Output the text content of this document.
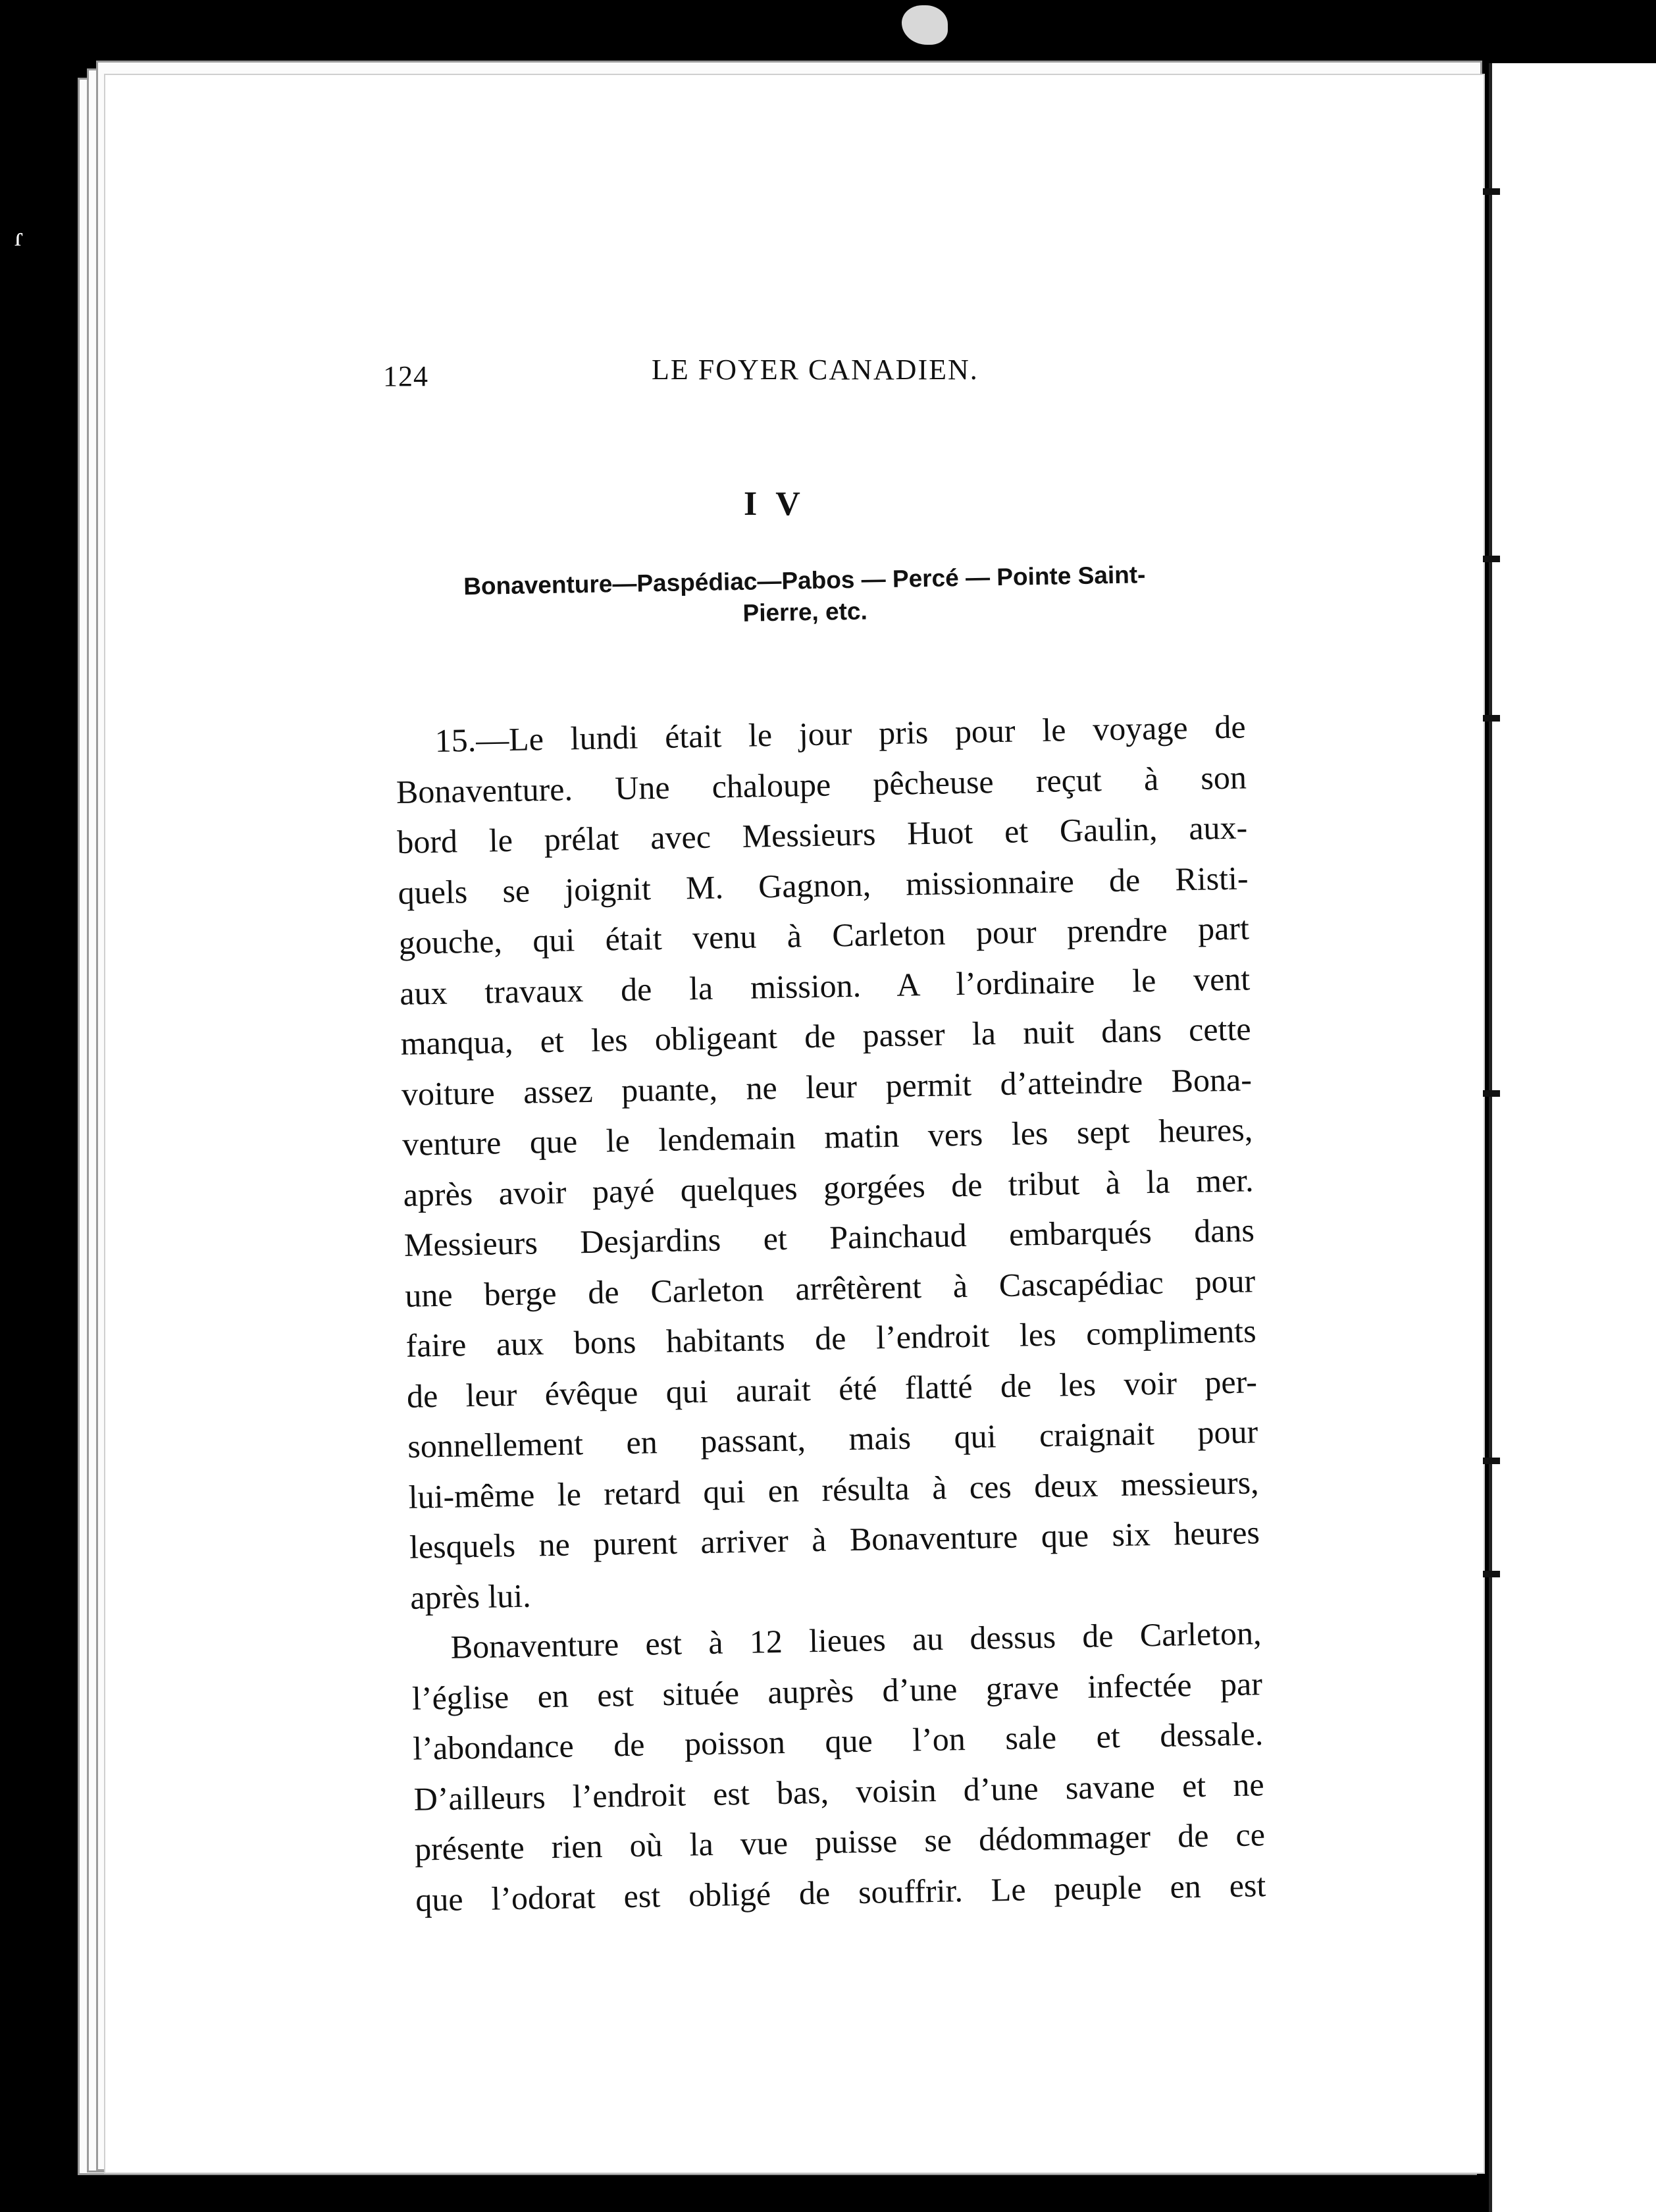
ɾ
124	LE FOYER CANADIEN.
I V
Bonaventure—Paspédiac—Pabos — Percé — Pointe Saint-
Pierre, etc.
15.—Le lundi était le jour pris pour le voyage de
Bonaventure. Une chaloupe pêcheuse reçut à son
bord le prélat avec Messieurs Huot et Gaulin, aux-
quels se joignit M. Gagnon, missionnaire de Risti-
gouche, qui était venu à Carleton pour prendre part
aux travaux de la mission. A l’ordinaire le vent
manqua, et les obligeant de passer la nuit dans cette
voiture assez puante, ne leur permit d’atteindre Bona-
venture que le lendemain matin vers les sept heures,
après avoir payé quelques gorgées de tribut à la mer.
Messieurs Desjardins et Painchaud embarqués dans
une berge de Carleton arrêtèrent à Cascapédiac pour
faire aux bons habitants de l’endroit les compliments
de leur évêque qui aurait été flatté de les voir per-
sonnellement en passant, mais qui craignait pour
lui-même le retard qui en résulta à ces deux messieurs,
lesquels ne purent arriver à Bonaventure que six heures
après lui.
Bonaventure est à 12 lieues au dessus de Carleton,
l’église en est située auprès d’une grave infectée par
l’abondance de poisson que l’on sale et dessale.
D’ailleurs l’endroit est bas, voisin d’une savane et ne
présente rien où la vue puisse se dédommager de ce
que l’odorat est obligé de souffrir. Le peuple en est
